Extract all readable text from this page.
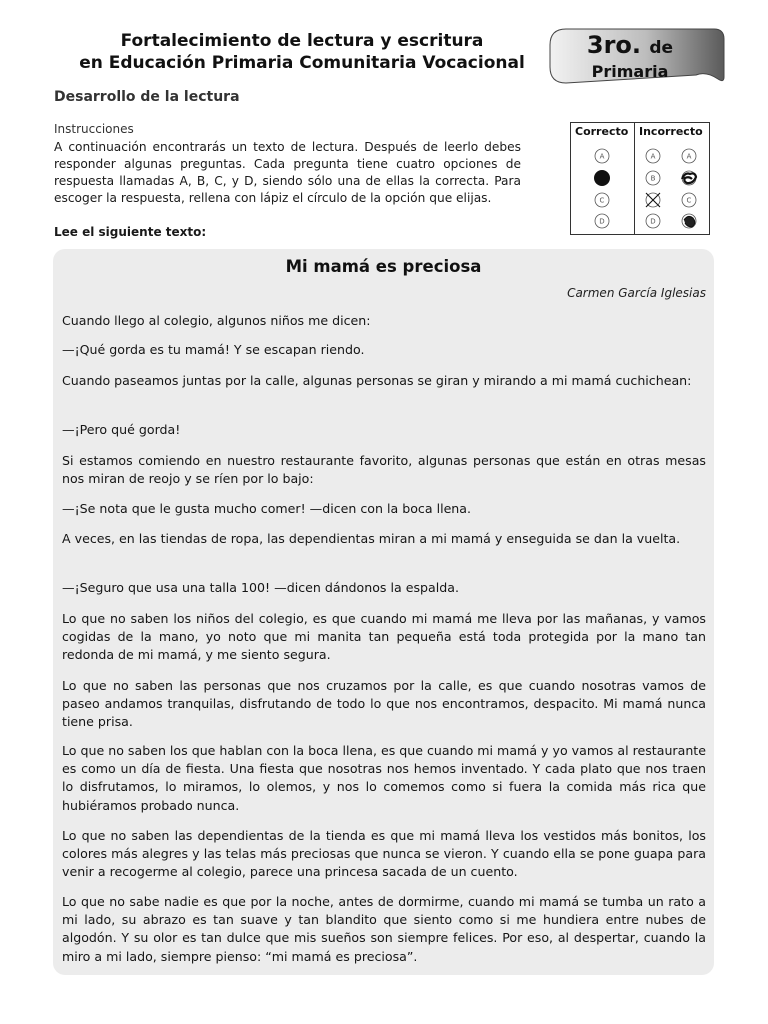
Fortalecimiento de lectura y escritura
en Educación Primaria Comunitaria Vocacional
3ro. de
Primaria
Desarrollo de la lectura
Instrucciones
A continuación encontrarás un texto de lectura. Después de leerlo debes responder algunas preguntas. Cada pregunta tiene cuatro opciones de respuesta llamadas A, B, C, y D, siendo sólo una de ellas la correcta. Para escoger la respuesta, rellena con lápiz el círculo de la opción que elijas.
Correcto Incorrecto
A
C
D
A
B
D
A
C
Lee el siguiente texto:
Mi mamá es preciosa
Carmen García Iglesias
Cuando llego al colegio, algunos niños me dicen:
—¡Qué gorda es tu mamá! Y se escapan riendo.
Cuando paseamos juntas por la calle, algunas personas se giran y mirando a mi mamá cuchichean:
—¡Pero qué gorda!
Si estamos comiendo en nuestro restaurante favorito, algunas personas que están en otras mesas nos miran de reojo y se ríen por lo bajo:
—¡Se nota que le gusta mucho comer! —dicen con la boca llena.
A veces, en las tiendas de ropa, las dependientas miran a mi mamá y enseguida se dan la vuelta.
—¡Seguro que usa una talla 100! —dicen dándonos la espalda.
Lo que no saben los niños del colegio, es que cuando mi mamá me lleva por las mañanas, y vamos cogidas de la mano, yo noto que mi manita tan pequeña está toda protegida por la mano tan redonda de mi mamá, y me siento segura.
Lo que no saben las personas que nos cruzamos por la calle, es que cuando nosotras vamos de paseo andamos tranquilas, disfrutando de todo lo que nos encontramos, despacito. Mi mamá nunca tiene prisa.
Lo que no saben los que hablan con la boca llena, es que cuando mi mamá y yo vamos al restaurante es como un día de fiesta. Una fiesta que nosotras nos hemos inventado. Y cada plato que nos traen lo disfrutamos, lo miramos, lo olemos, y nos lo comemos como si fuera la comida más rica que hubiéramos probado nunca.
Lo que no saben las dependientas de la tienda es que mi mamá lleva los vestidos más bonitos, los colores más alegres y las telas más preciosas que nunca se vieron. Y cuando ella se pone guapa para venir a recogerme al colegio, parece una princesa sacada de un cuento.
Lo que no sabe nadie es que por la noche, antes de dormirme, cuando mi mamá se tumba un rato a mi lado, su abrazo es tan suave y tan blandito que siento como si me hundiera entre nubes de algodón. Y su olor es tan dulce que mis sueños son siempre felices. Por eso, al despertar, cuando la miro a mi lado, siempre pienso: “mi mamá es preciosa”.
